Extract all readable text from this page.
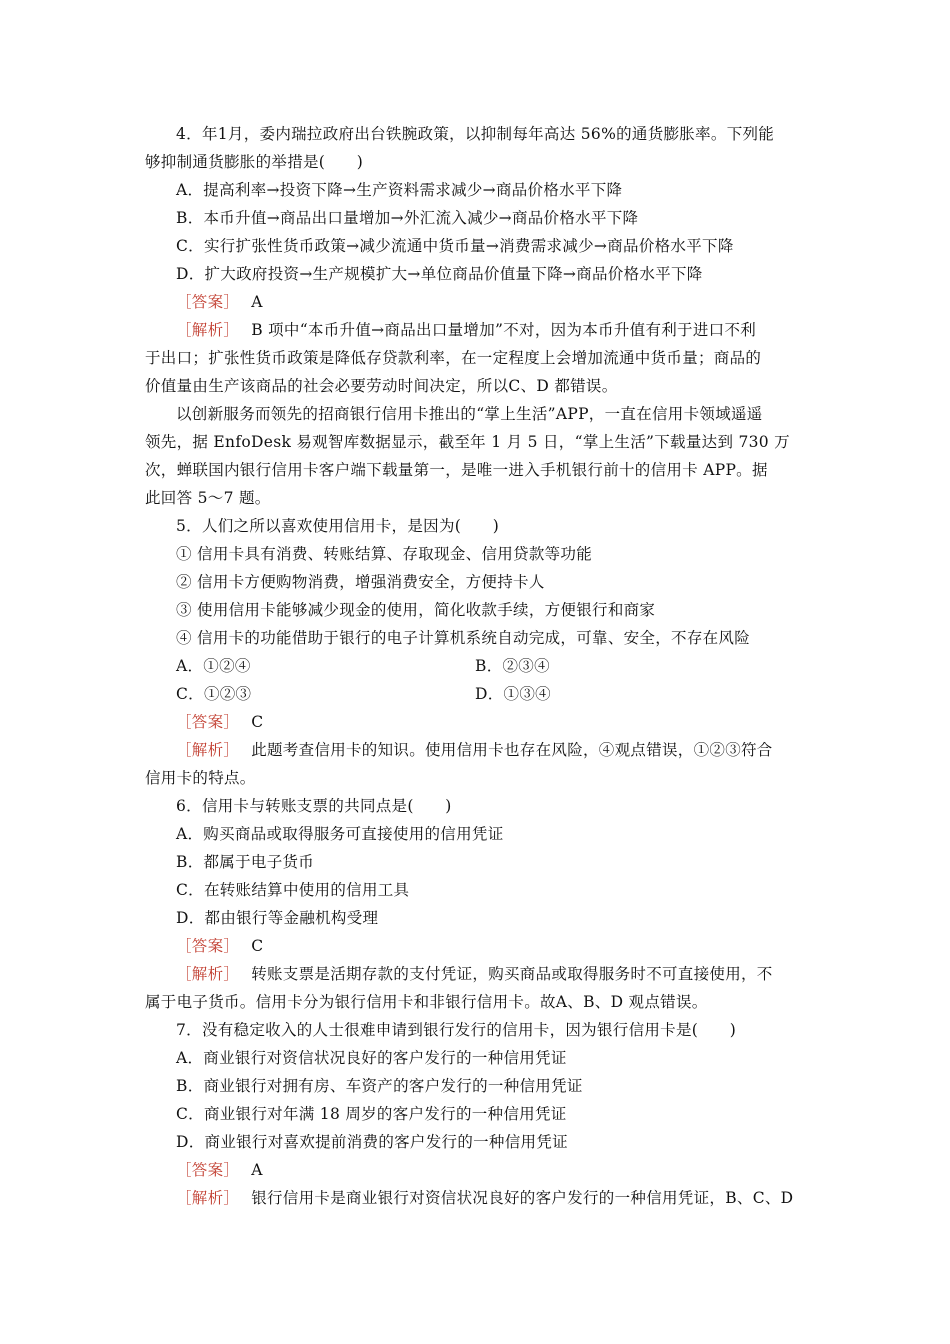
4．年1月，委内瑞拉政府出台铁腕政策，以抑制每年高达 56%的通货膨胀率。下列能
够抑制通货膨胀的举措是(　　)
A．提高利率→投资下降→生产资料需求减少→商品价格水平下降
B．本币升值→商品出口量增加→外汇流入减少→商品价格水平下降
C．实行扩张性货币政策→减少流通中货币量→消费需求减少→商品价格水平下降
D．扩大政府投资→生产规模扩大→单位商品价值量下降→商品价格水平下降
［答案］ A
［解析］ B 项中“本币升值→商品出口量增加”不对，因为本币升值有利于进口不利
于出口；扩张性货币政策是降低存贷款利率，在一定程度上会增加流通中货币量；商品的
价值量由生产该商品的社会必要劳动时间决定，所以C、D 都错误。
以创新服务而领先的招商银行信用卡推出的“掌上生活”APP，一直在信用卡领域遥遥
领先，据 EnfoDesk 易观智库数据显示，截至年 1 月 5 日，“掌上生活”下载量达到 730 万
次，蝉联国内银行信用卡客户端下载量第一，是唯一进入手机银行前十的信用卡 APP。据
此回答 5～7 题。
5．人们之所以喜欢使用信用卡，是因为(　　)
① 信用卡具有消费、转账结算、存取现金、信用贷款等功能
② 信用卡方便购物消费，增强消费安全，方便持卡人
③ 使用信用卡能够减少现金的使用，简化收款手续，方便银行和商家
④ 信用卡的功能借助于银行的电子计算机系统自动完成，可靠、安全，不存在风险
A．①②④	B．②③④
C．①②③	D．①③④
［答案］ C
［解析］ 此题考查信用卡的知识。使用信用卡也存在风险，④观点错误，①②③符合
信用卡的特点。
6．信用卡与转账支票的共同点是(　　)
A．购买商品或取得服务可直接使用的信用凭证
B．都属于电子货币
C．在转账结算中使用的信用工具
D．都由银行等金融机构受理
［答案］ C
［解析］ 转账支票是活期存款的支付凭证，购买商品或取得服务时不可直接使用，不
属于电子货币。信用卡分为银行信用卡和非银行信用卡。故A、B、D 观点错误。
7．没有稳定收入的人士很难申请到银行发行的信用卡，因为银行信用卡是(　　)
A．商业银行对资信状况良好的客户发行的一种信用凭证
B．商业银行对拥有房、车资产的客户发行的一种信用凭证
C．商业银行对年满 18 周岁的客户发行的一种信用凭证
D．商业银行对喜欢提前消费的客户发行的一种信用凭证
［答案］ A
［解析］ 银行信用卡是商业银行对资信状况良好的客户发行的一种信用凭证，B、C、D
